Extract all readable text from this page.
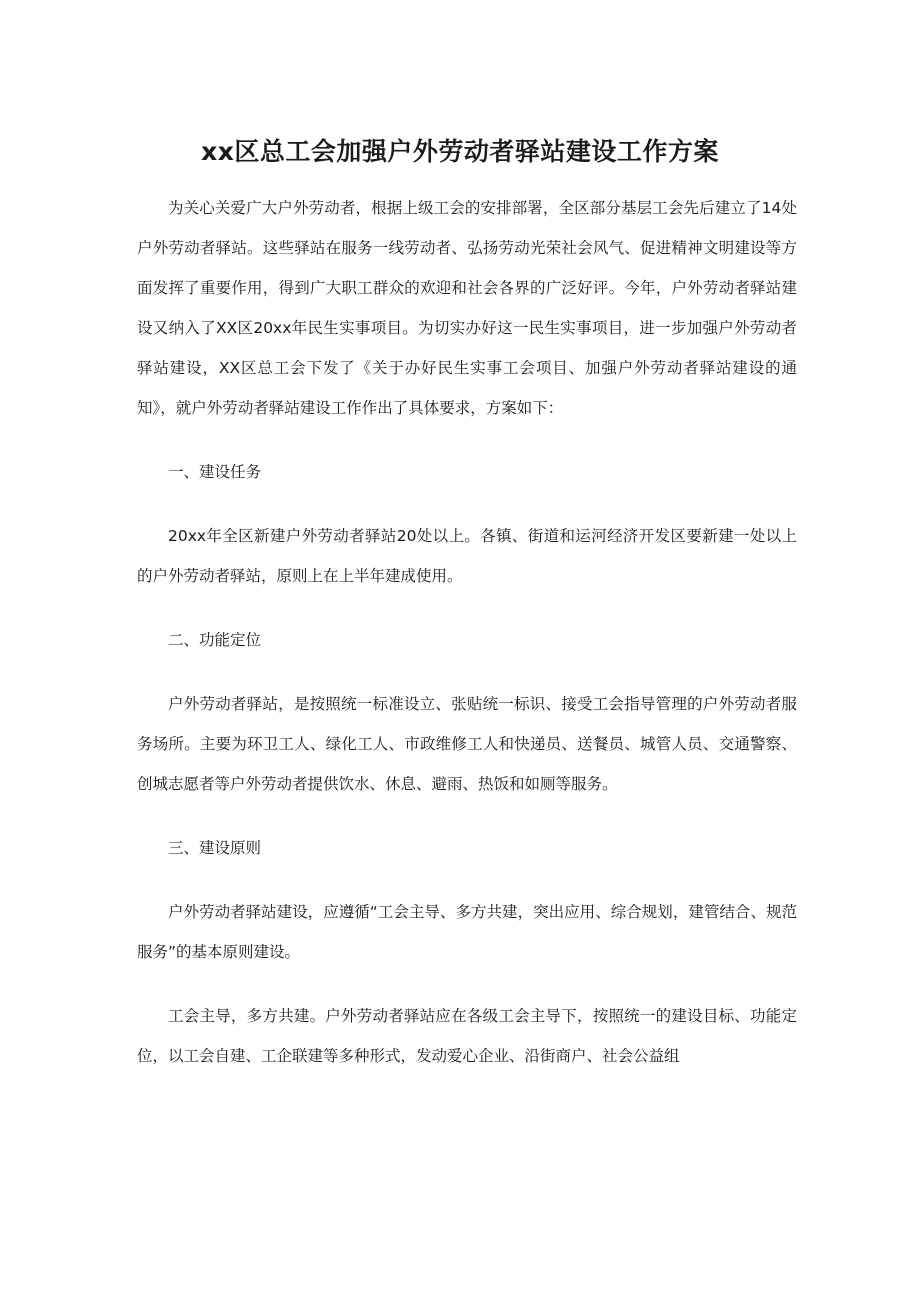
xx区总工会加强户外劳动者驿站建设工作方案

为关心关爱广大户外劳动者，根据上级工会的安排部署，全区部分基层工会先后建立了14处户外劳动者驿站。这些驿站在服务一线劳动者、弘扬劳动光荣社会风气、促进精神文明建设等方面发挥了重要作用，得到广大职工群众的欢迎和社会各界的广泛好评。今年，户外劳动者驿站建设又纳入了XX区20xx年民生实事项目。为切实办好这一民生实事项目，进一步加强户外劳动者驿站建设，XX区总工会下发了《关于办好民生实事工会项目、加强户外劳动者驿站建设的通知》，就户外劳动者驿站建设工作作出了具体要求，方案如下：

一、建设任务

20xx年全区新建户外劳动者驿站20处以上。各镇、街道和运河经济开发区要新建一处以上的户外劳动者驿站，原则上在上半年建成使用。

二、功能定位

户外劳动者驿站，是按照统一标准设立、张贴统一标识、接受工会指导管理的户外劳动者服务场所。主要为环卫工人、绿化工人、市政维修工人和快递员、送餐员、城管人员、交通警察、创城志愿者等户外劳动者提供饮水、休息、避雨、热饭和如厕等服务。

三、建设原则

户外劳动者驿站建设，应遵循“工会主导、多方共建，突出应用、综合规划，建管结合、规范服务”的基本原则建设。

工会主导，多方共建。户外劳动者驿站应在各级工会主导下，按照统一的建设目标、功能定位，以工会自建、工企联建等多种形式，发动爱心企业、沿街商户、社会公益组
